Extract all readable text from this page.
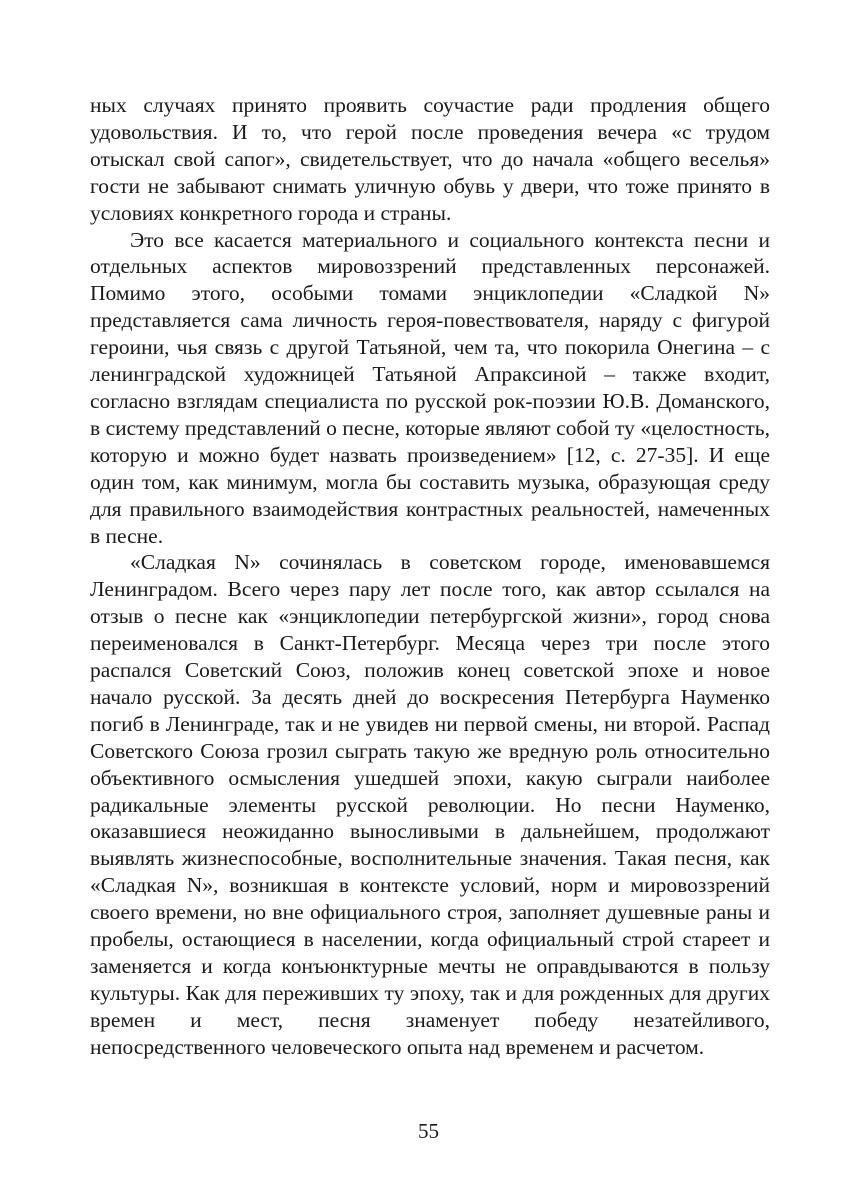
ных случаях принято проявить соучастие ради продления общего удовольствия. И то, что герой после проведения вечера «с трудом отыскал свой сапог», свидетельствует, что до начала «общего веселья» гости не забывают снимать уличную обувь у двери, что тоже принято в условиях конкретного города и страны.

Это все касается материального и социального контекста песни и отдельных аспектов мировоззрений представленных персонажей. Помимо этого, особыми томами энциклопедии «Сладкой N» представляется сама личность героя-повествователя, наряду с фигурой героини, чья связь с другой Татьяной, чем та, что покорила Онегина – с ленинградской художницей Татьяной Апраксиной – также входит, согласно взглядам специалиста по русской рок-поэзии Ю.В. Доманского, в систему представлений о песне, которые являют собой ту «целостность, которую и можно будет назвать произведением» [12, с. 27-35]. И еще один том, как минимум, могла бы составить музыка, образующая среду для правильного взаимодействия контрастных реальностей, намеченных в песне.

«Сладкая N» сочинялась в советском городе, именовавшемся Ленинградом. Всего через пару лет после того, как автор ссылался на отзыв о песне как «энциклопедии петербургской жизни», город снова переименовался в Санкт-Петербург. Месяца через три после этого распался Советский Союз, положив конец советской эпохе и новое начало русской. За десять дней до воскресения Петербурга Науменко погиб в Ленинграде, так и не увидев ни первой смены, ни второй. Распад Советского Союза грозил сыграть такую же вредную роль относительно объективного осмысления ушедшей эпохи, какую сыграли наиболее радикальные элементы русской революции. Но песни Науменко, оказавшиеся неожиданно выносливыми в дальнейшем, продолжают выявлять жизнеспособные, восполнительные значения. Такая песня, как «Сладкая N», возникшая в контексте условий, норм и мировоззрений своего времени, но вне официального строя, заполняет душевные раны и пробелы, остающиеся в населении, когда официальный строй стареет и заменяется и когда конъюнктурные мечты не оправдываются в пользу культуры. Как для переживших ту эпоху, так и для рожденных для других времен и мест, песня знаменует победу незатейливого, непосредственного человеческого опыта над временем и расчетом.

55
